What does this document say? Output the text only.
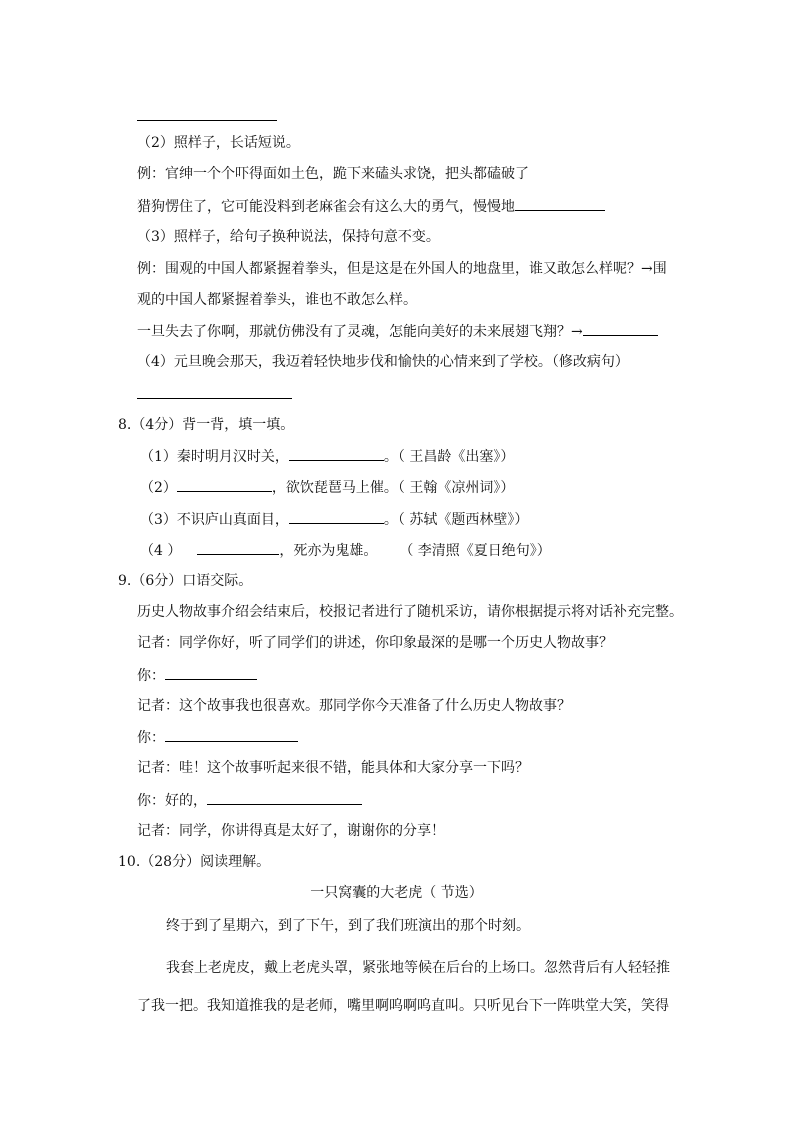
（2）照样子，长话短说。
例：官绅一个个吓得面如土色，跪下来磕头求饶，把头都磕破了
猎狗愣住了，它可能没料到老麻雀会有这么大的勇气，慢慢地
（3）照样子，给句子换种说法，保持句意不变。
例：围观的中国人都紧握着拳头，但是这是在外国人的地盘里，谁又敢怎么样呢？→围
观的中国人都紧握着拳头，谁也不敢怎么样。
一旦失去了你啊，那就仿佛没有了灵魂，怎能向美好的未来展翅飞翔？→
（4）元旦晚会那天，我迈着轻快地步伐和愉快的心情来到了学校。（修改病句）
8.（4分）背一背，填一填。
（1）秦时明月汉时关，	。（ 王昌龄《出塞》）
（2）	，欲饮琵琶马上催。（ 王翰《凉州词》）
（3）不识庐山真面目，	。（ 苏轼《题西林壁》）
（4 ）	，死亦为鬼雄。 （ 李清照《夏日绝句》）
9.（6分）口语交际。
历史人物故事介绍会结束后，校报记者进行了随机采访，请你根据提示将对话补充完整。
记者：同学你好，听了同学们的讲述，你印象最深的是哪一个历史人物故事？
你：
记者：这个故事我也很喜欢。那同学你今天准备了什么历史人物故事？
你：
记者：哇！这个故事听起来很不错，能具体和大家分享一下吗？
你：好的，
记者：同学，你讲得真是太好了，谢谢你的分享！
10.（28分）阅读理解。
一只窝囊的大老虎（ 节选）
终于到了星期六，到了下午，到了我们班演出的那个时刻。
我套上老虎皮，戴上老虎头罩，紧张地等候在后台的上场口。忽然背后有人轻轻推
了我一把。我知道推我的是老师，嘴里啊呜啊呜直叫。只听见台下一阵哄堂大笑，笑得
